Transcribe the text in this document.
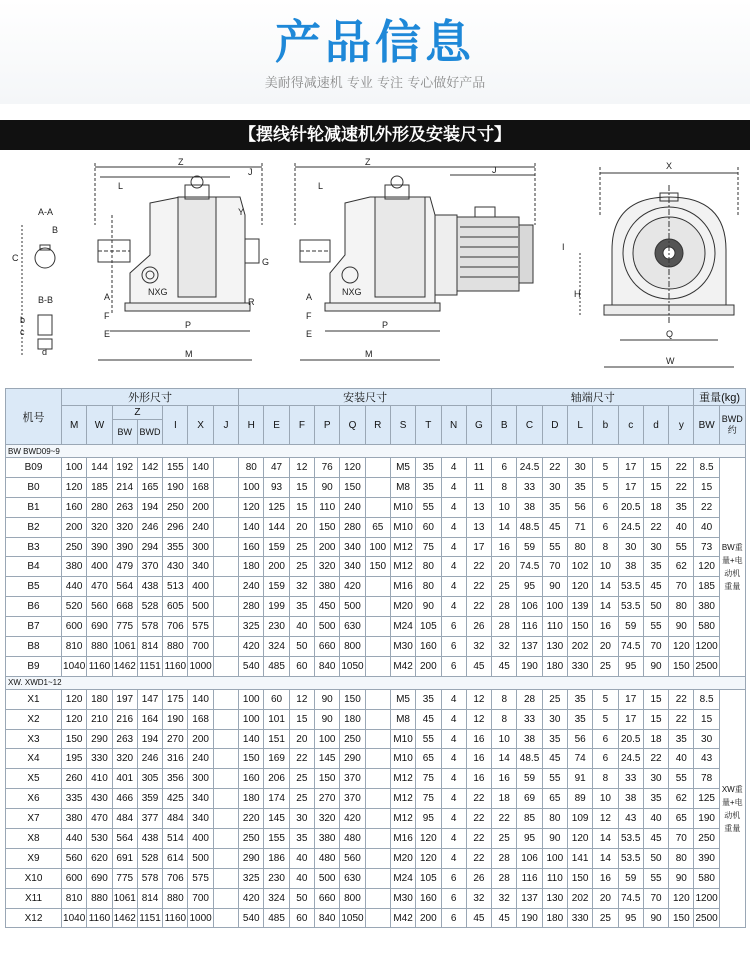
产品信息
美耐得减速机 专业 专注 专心做好产品
【摆线针轮减速机外形及安装尺寸】
Z
L
J
Y
A-A
B-B
B
C	G
F
E
A
P
M
NXG
R
b
c
d
Z
J
NXG
L
A
E
F
P
M
X
I
H
Q
W
机号	外形尺寸							安装尺寸										轴端尺寸								重量(kg)	
	M	W	Z		I	X	J	H	E	F	P	Q	R	S	T	N	G	B	C	D	L	b	c	d	y	BW	BWD约
			BW	BWD																							
BW BWD09~9																											
B09	100	144	192	142	155	140		80	47	12	76	120		M5	35	4	11	6	24.5	22	30	5	17	15	22	8.5	BW重量+电动机重量
B0	120	185	214	165	190	168		100	93	15	90	150		M8	35	4	11	8	33	30	35	5	17	15	22	15	
B1	160	280	263	194	250	200		120	125	15	110	240		M10	55	4	13	10	38	35	56	6	20.5	18	35	22	
B2	200	320	320	246	296	240		140	144	20	150	280	65	M10	60	4	13	14	48.5	45	71	6	24.5	22	40	40	
B3	250	390	390	294	355	300		160	159	25	200	340	100	M12	75	4	17	16	59	55	80	8	30	30	55	73	
B4	380	400	479	370	430	340		180	200	25	320	340	150	M12	80	4	22	20	74.5	70	102	10	38	35	62	120	
B5	440	470	564	438	513	400		240	159	32	380	420		M16	80	4	22	25	95	90	120	14	53.5	45	70	185	
B6	520	560	668	528	605	500		280	199	35	450	500		M20	90	4	22	28	106	100	139	14	53.5	50	80	380	
B7	600	690	775	578	706	575		325	230	40	500	630		M24	105	6	26	28	116	110	150	16	59	55	90	580	
B8	810	880	1061	814	880	700		420	324	50	660	800		M30	160	6	32	32	137	130	202	20	74.5	70	120	1200	
B9	1040	1160	1462	1151	1160	1000		540	485	60	840	1050		M42	200	6	45	45	190	180	330	25	95	90	150	2500	
XW. XWD1~12																											
X1	120	180	197	147	175	140		100	60	12	90	150		M5	35	4	12	8	28	25	35	5	17	15	22	8.5	XW重量+电动机重量
X2	120	210	216	164	190	168		100	101	15	90	180		M8	45	4	12	8	33	30	35	5	17	15	22	15	
X3	150	290	263	194	270	200		140	151	20	100	250		M10	55	4	16	10	38	35	56	6	20.5	18	35	30	
X4	195	330	320	246	316	240		150	169	22	145	290		M10	65	4	16	14	48.5	45	74	6	24.5	22	40	43	
X5	260	410	401	305	356	300		160	206	25	150	370		M12	75	4	16	16	59	55	91	8	33	30	55	78	
X6	335	430	466	359	425	340		180	174	25	270	370		M12	75	4	22	18	69	65	89	10	38	35	62	125	
X7	380	470	484	377	484	340		220	145	30	320	420		M12	95	4	22	22	85	80	109	12	43	40	65	190	
X8	440	530	564	438	514	400		250	155	35	380	480		M16	120	4	22	25	95	90	120	14	53.5	45	70	250	
X9	560	620	691	528	614	500		290	186	40	480	560		M20	120	4	22	28	106	100	141	14	53.5	50	80	390	
X10	600	690	775	578	706	575		325	230	40	500	630		M24	105	6	26	28	116	110	150	16	59	55	90	580	
X11	810	880	1061	814	880	700		420	324	50	660	800		M30	160	6	32	32	137	130	202	20	74.5	70	120	1200	
X12	1040	1160	1462	1151	1160	1000		540	485	60	840	1050		M42	200	6	45	45	190	180	330	25	95	90	150	2500	
